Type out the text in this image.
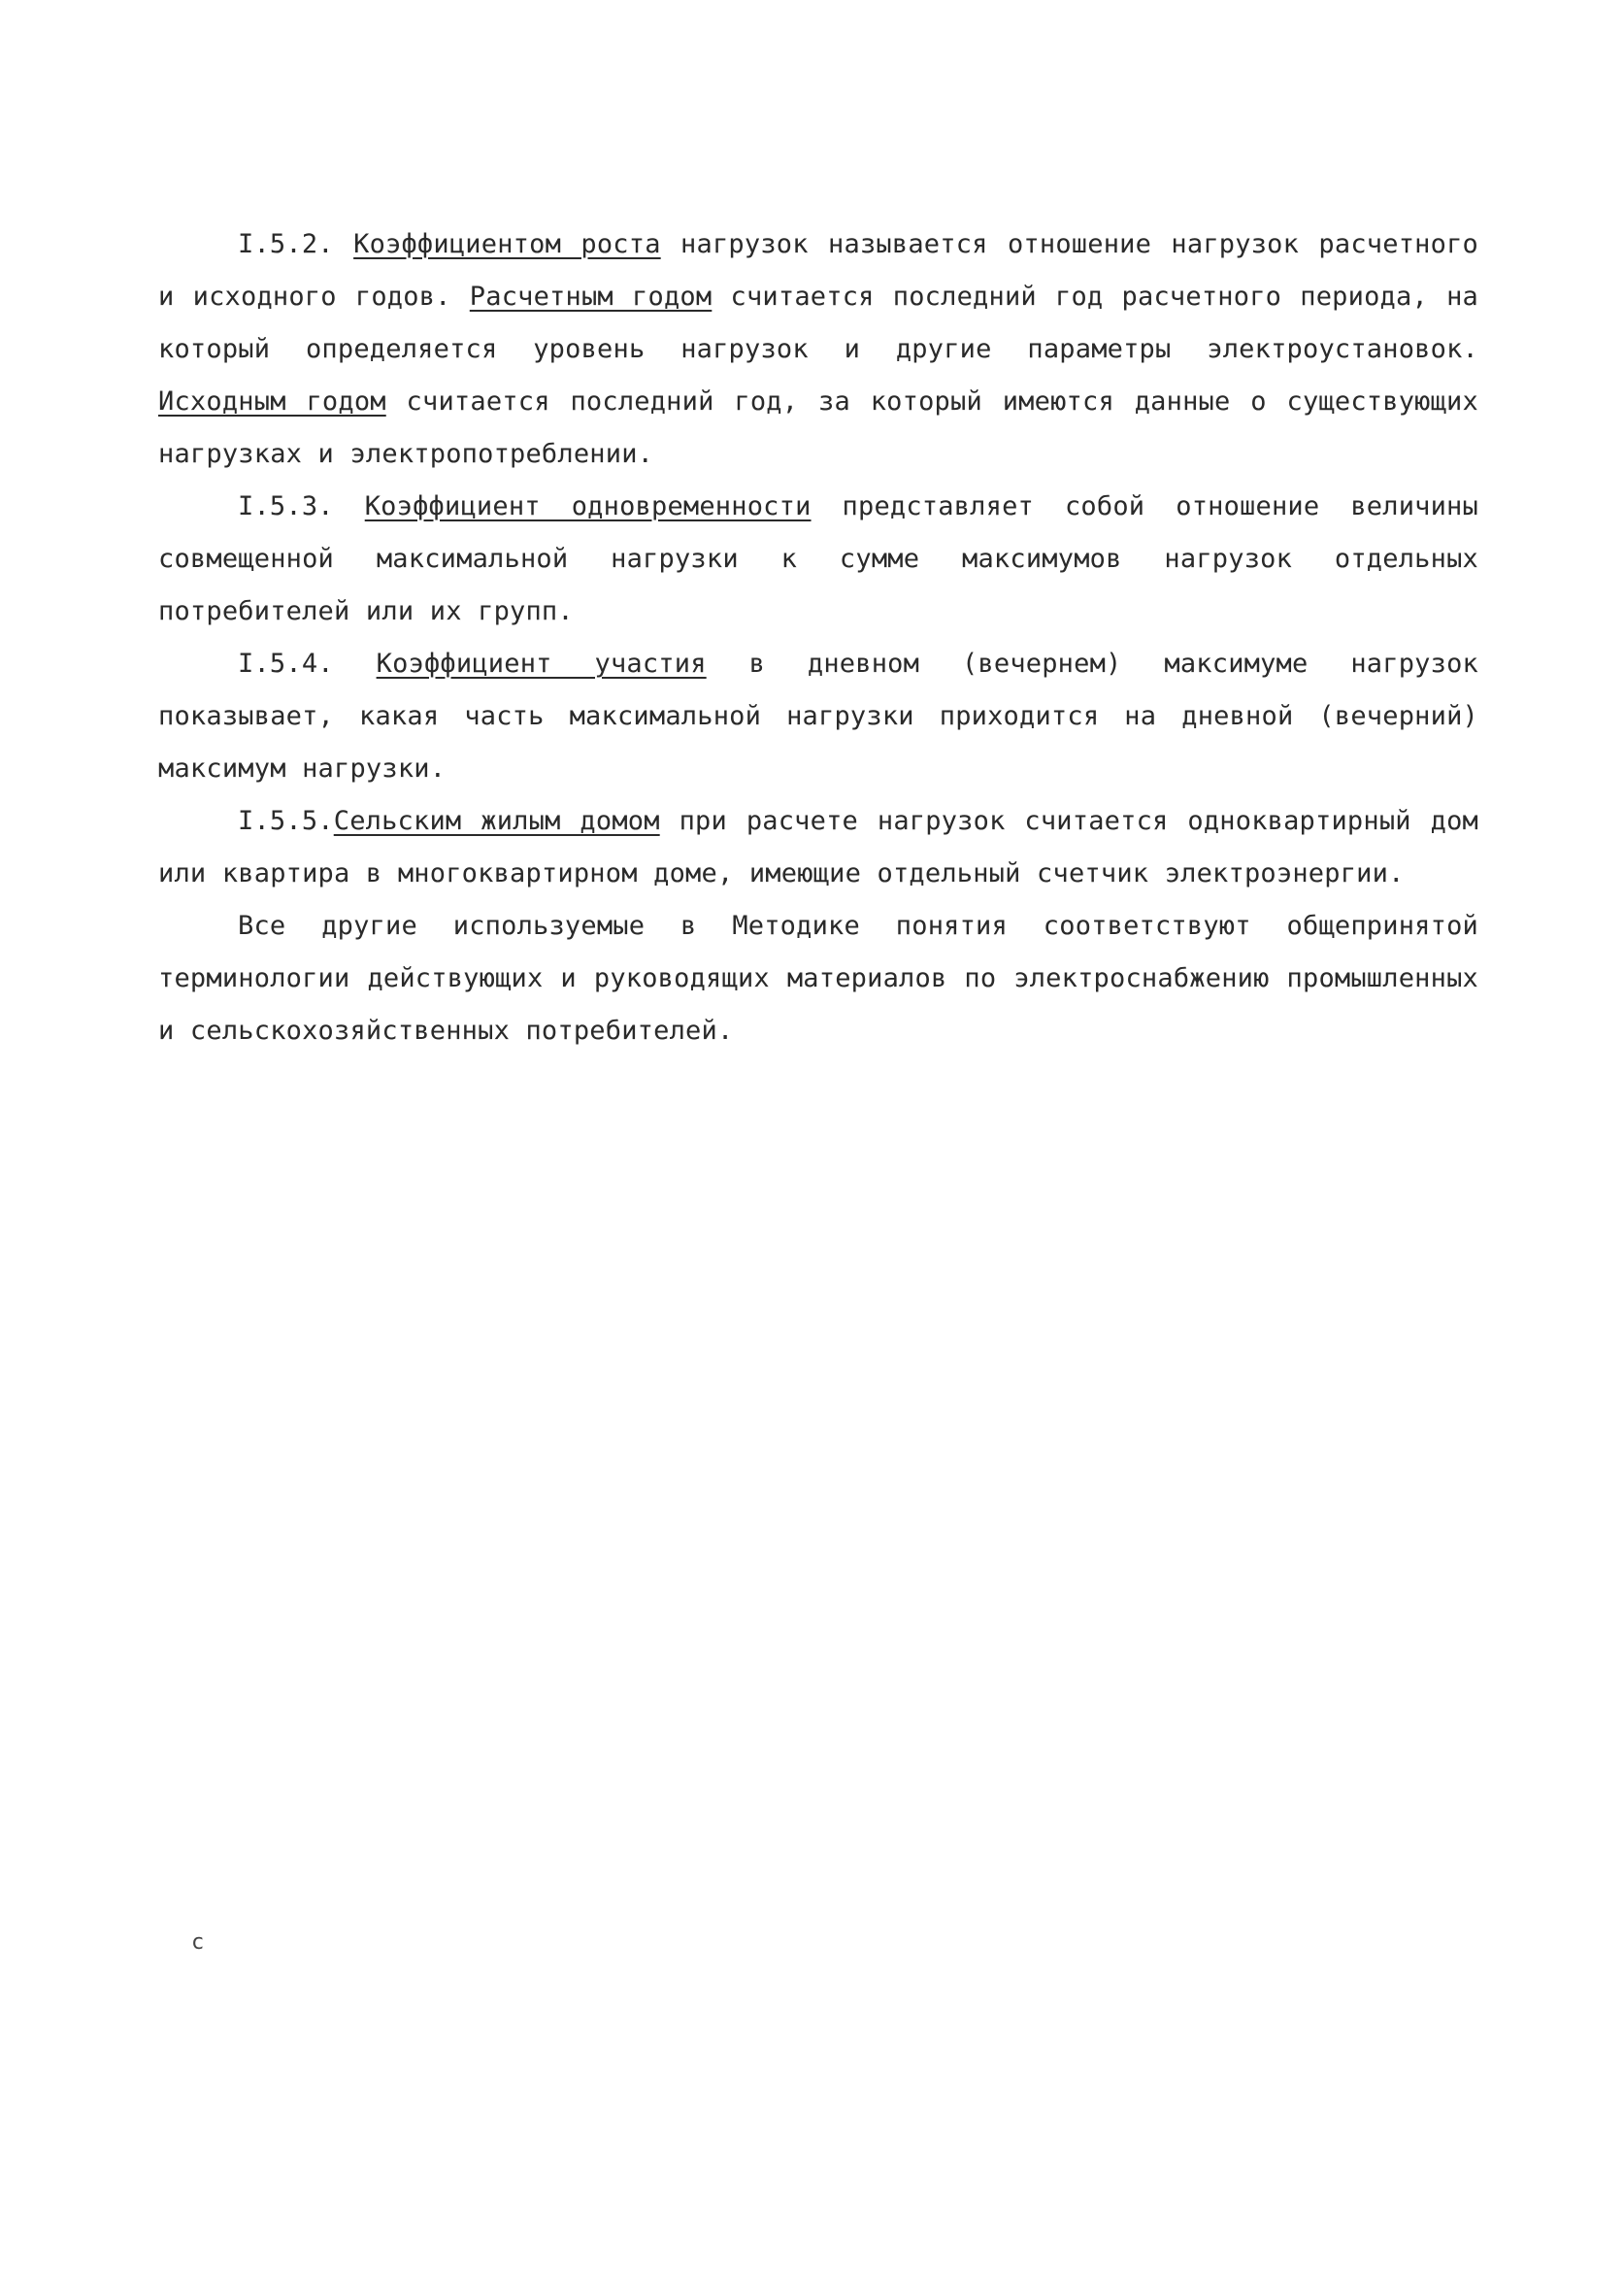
I.5.2. Коэффициентом роста нагрузок называется отношение нагрузок расчетного и исходного годов. Расчетным годом считается последний год расчетного периода, на который определяется уровень нагрузок и другие параметры электроустановок. Исходным годом считается последний год, за который имеются данные о существующих нагрузках и электропотреблении.

I.5.3. Коэффициент одновременности представляет собой отношение величины совмещенной максимальной нагрузки к сумме максимумов нагрузок отдельных потребителей или их групп.

I.5.4. Коэффициент участия в дневном (вечернем) максимуме нагрузок показывает, какая часть максимальной нагрузки приходится на дневной (вечерний) максимум нагрузки.

I.5.5.Сельским жилым домом при расчете нагрузок считается одноквартирный дом или квартира в многоквартирном доме, имеющие отдельный счетчик электроэнергии.

Все другие используемые в Методике понятия соответствуют общепринятой терминологии действующих и руководящих материалов по электроснабжению промышленных и сельскохозяйственных потребителей.

с
